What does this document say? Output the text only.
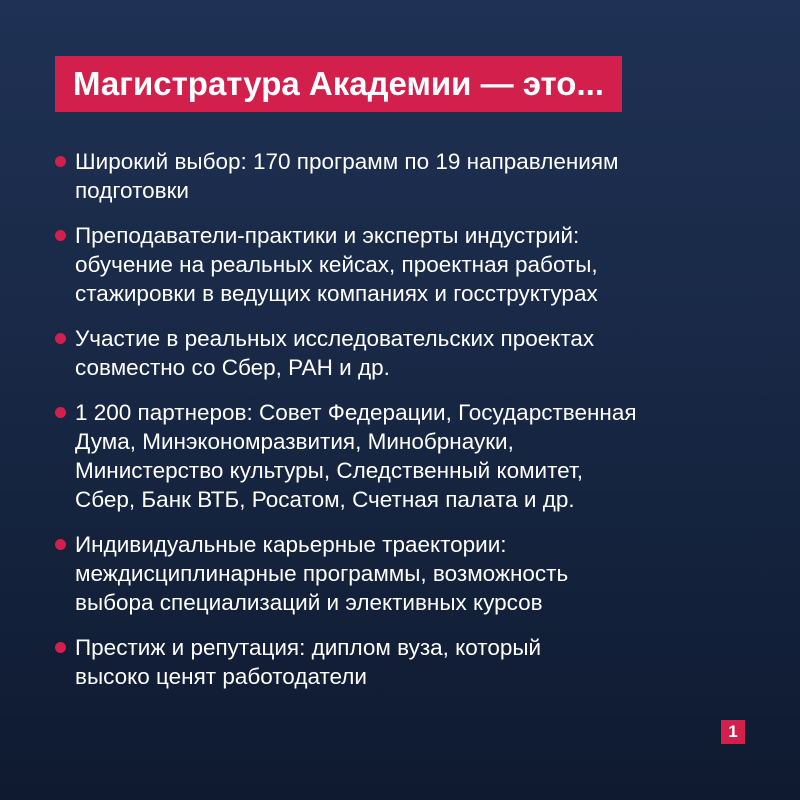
Магистратура Академии — это...
Широкий выбор: 170 программ по 19 направлениям
подготовки
Преподаватели-практики и эксперты индустрий:
обучение на реальных кейсах, проектная работы,
стажировки в ведущих компаниях и госструктурах
Участие в реальных исследовательских проектах
совместно со Сбер, РАН и др.
1 200 партнеров: Совет Федерации, Государственная
Дума, Минэкономразвития, Минобрнауки,
Министерство культуры, Следственный комитет,
Сбер, Банк ВТБ, Росатом, Счетная палата и др.
Индивидуальные карьерные траектории:
междисциплинарные программы, возможность
выбора специализаций и элективных курсов
Престиж и репутация: диплом вуза, который
высоко ценят работодатели
1
